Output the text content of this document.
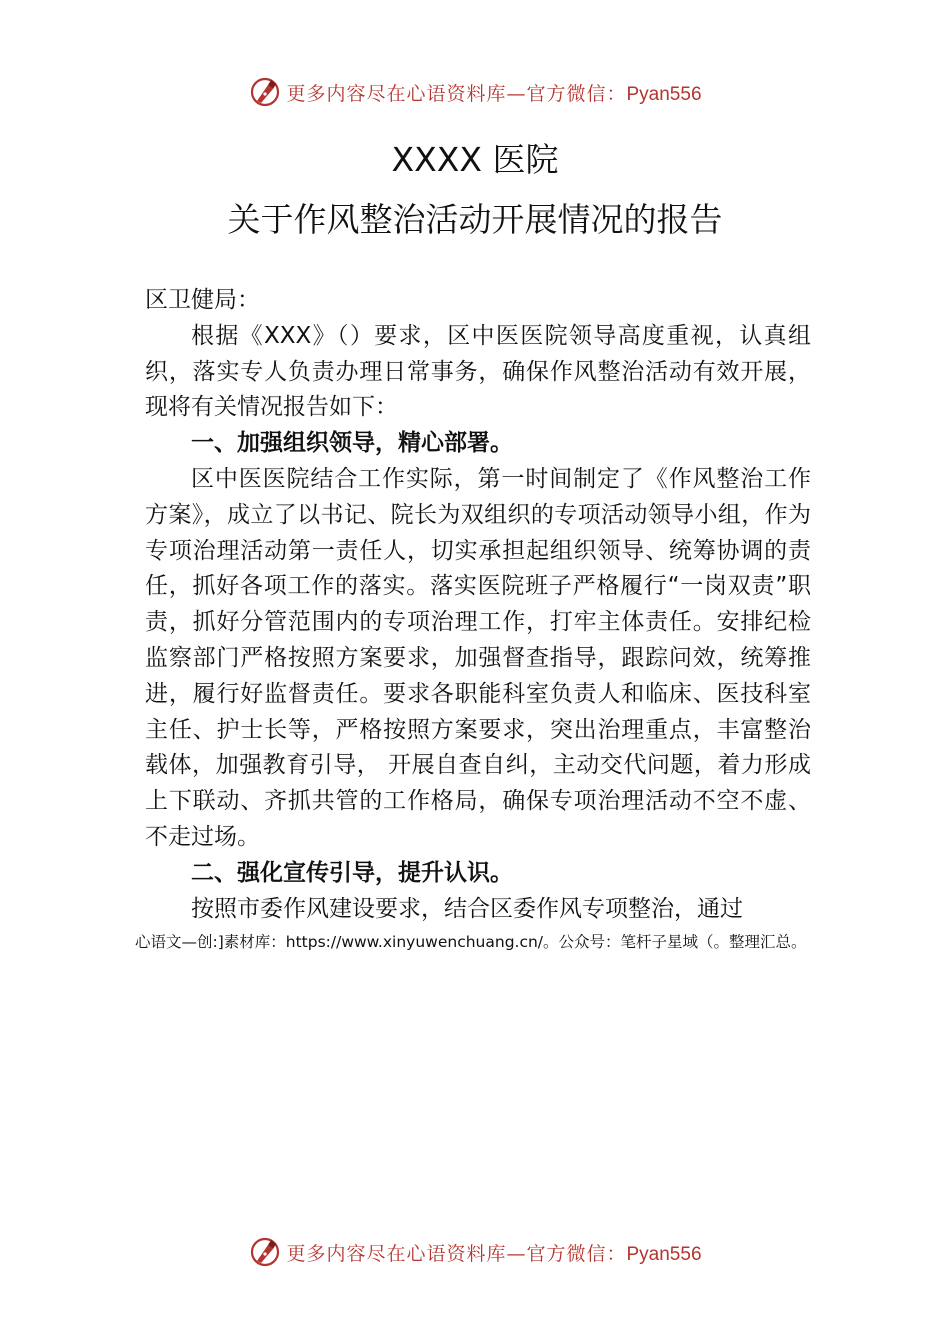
更多内容尽在心语资料库—官方微信：Pyan556
XXXX 医院
关于作风整治活动开展情况的报告

区卫健局：

根据《XXX》（）要求，区中医医院领导高度重视，认真组织，落实专人负责办理日常事务，确保作风整治活动有效开展，现将有关情况报告如下：

一、加强组织领导，精心部署。

区中医医院结合工作实际，第一时间制定了《作风整治工作方案》，成立了以书记、院长为双组织的专项活动领导小组，作为专项治理活动第一责任人，切实承担起组织领导、统筹协调的责任，抓好各项工作的落实。落实医院班子严格履行“一岗双责”职责，抓好分管范围内的专项治理工作，打牢主体责任。安排纪检监察部门严格按照方案要求，加强督查指导，跟踪问效，统筹推进，履行好监督责任。要求各职能科室负责人和临床、医技科室主任、护士长等，严格按照方案要求，突出治理重点，丰富整治载体，加强教育引导， 开展自查自纠，主动交代问题，着力形成上下联动、齐抓共管的工作格局，确保专项治理活动不空不虚、不走过场。

二、强化宣传引导，提升认识。

按照市委作风建设要求，结合区委作风专项整治，通过

心语文—创:]素材库：https://www.xinyuwenchuang.cn/。公众号：笔杆子星域（。整理汇总。

更多内容尽在心语资料库—官方微信：Pyan556
